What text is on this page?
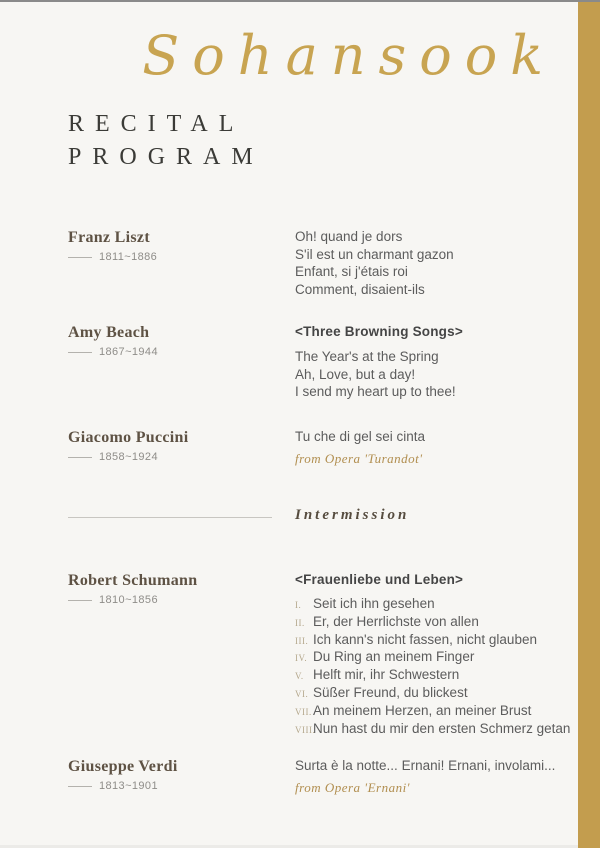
Sohansook
RECITAL
PROGRAM
Franz Liszt
1811~1886
Oh! quand je dors
S'il est un charmant gazon
Enfant, si j'étais roi
Comment, disaient-ils
Amy Beach
1867~1944
<Three Browning Songs>
The Year's at the Spring
Ah, Love, but a day!
I send my heart up to thee!
Giacomo Puccini
1858~1924
Tu che di gel sei cinta
from Opera 'Turandot'
Intermission
Robert Schumann
1810~1856
<Frauenliebe und Leben>
I. Seit ich ihn gesehen
II. Er, der Herrlichste von allen
III. Ich kann's nicht fassen, nicht glauben
IV. Du Ring an meinem Finger
V. Helft mir, ihr Schwestern
VI. Süßer Freund, du blickest
VII. An meinem Herzen, an meiner Brust
VIII.
Nun hast du mir den ersten Schmerz getan
Giuseppe Verdi
1813~1901
Surta è la notte... Ernani! Ernani, involami...
from Opera 'Ernani'
